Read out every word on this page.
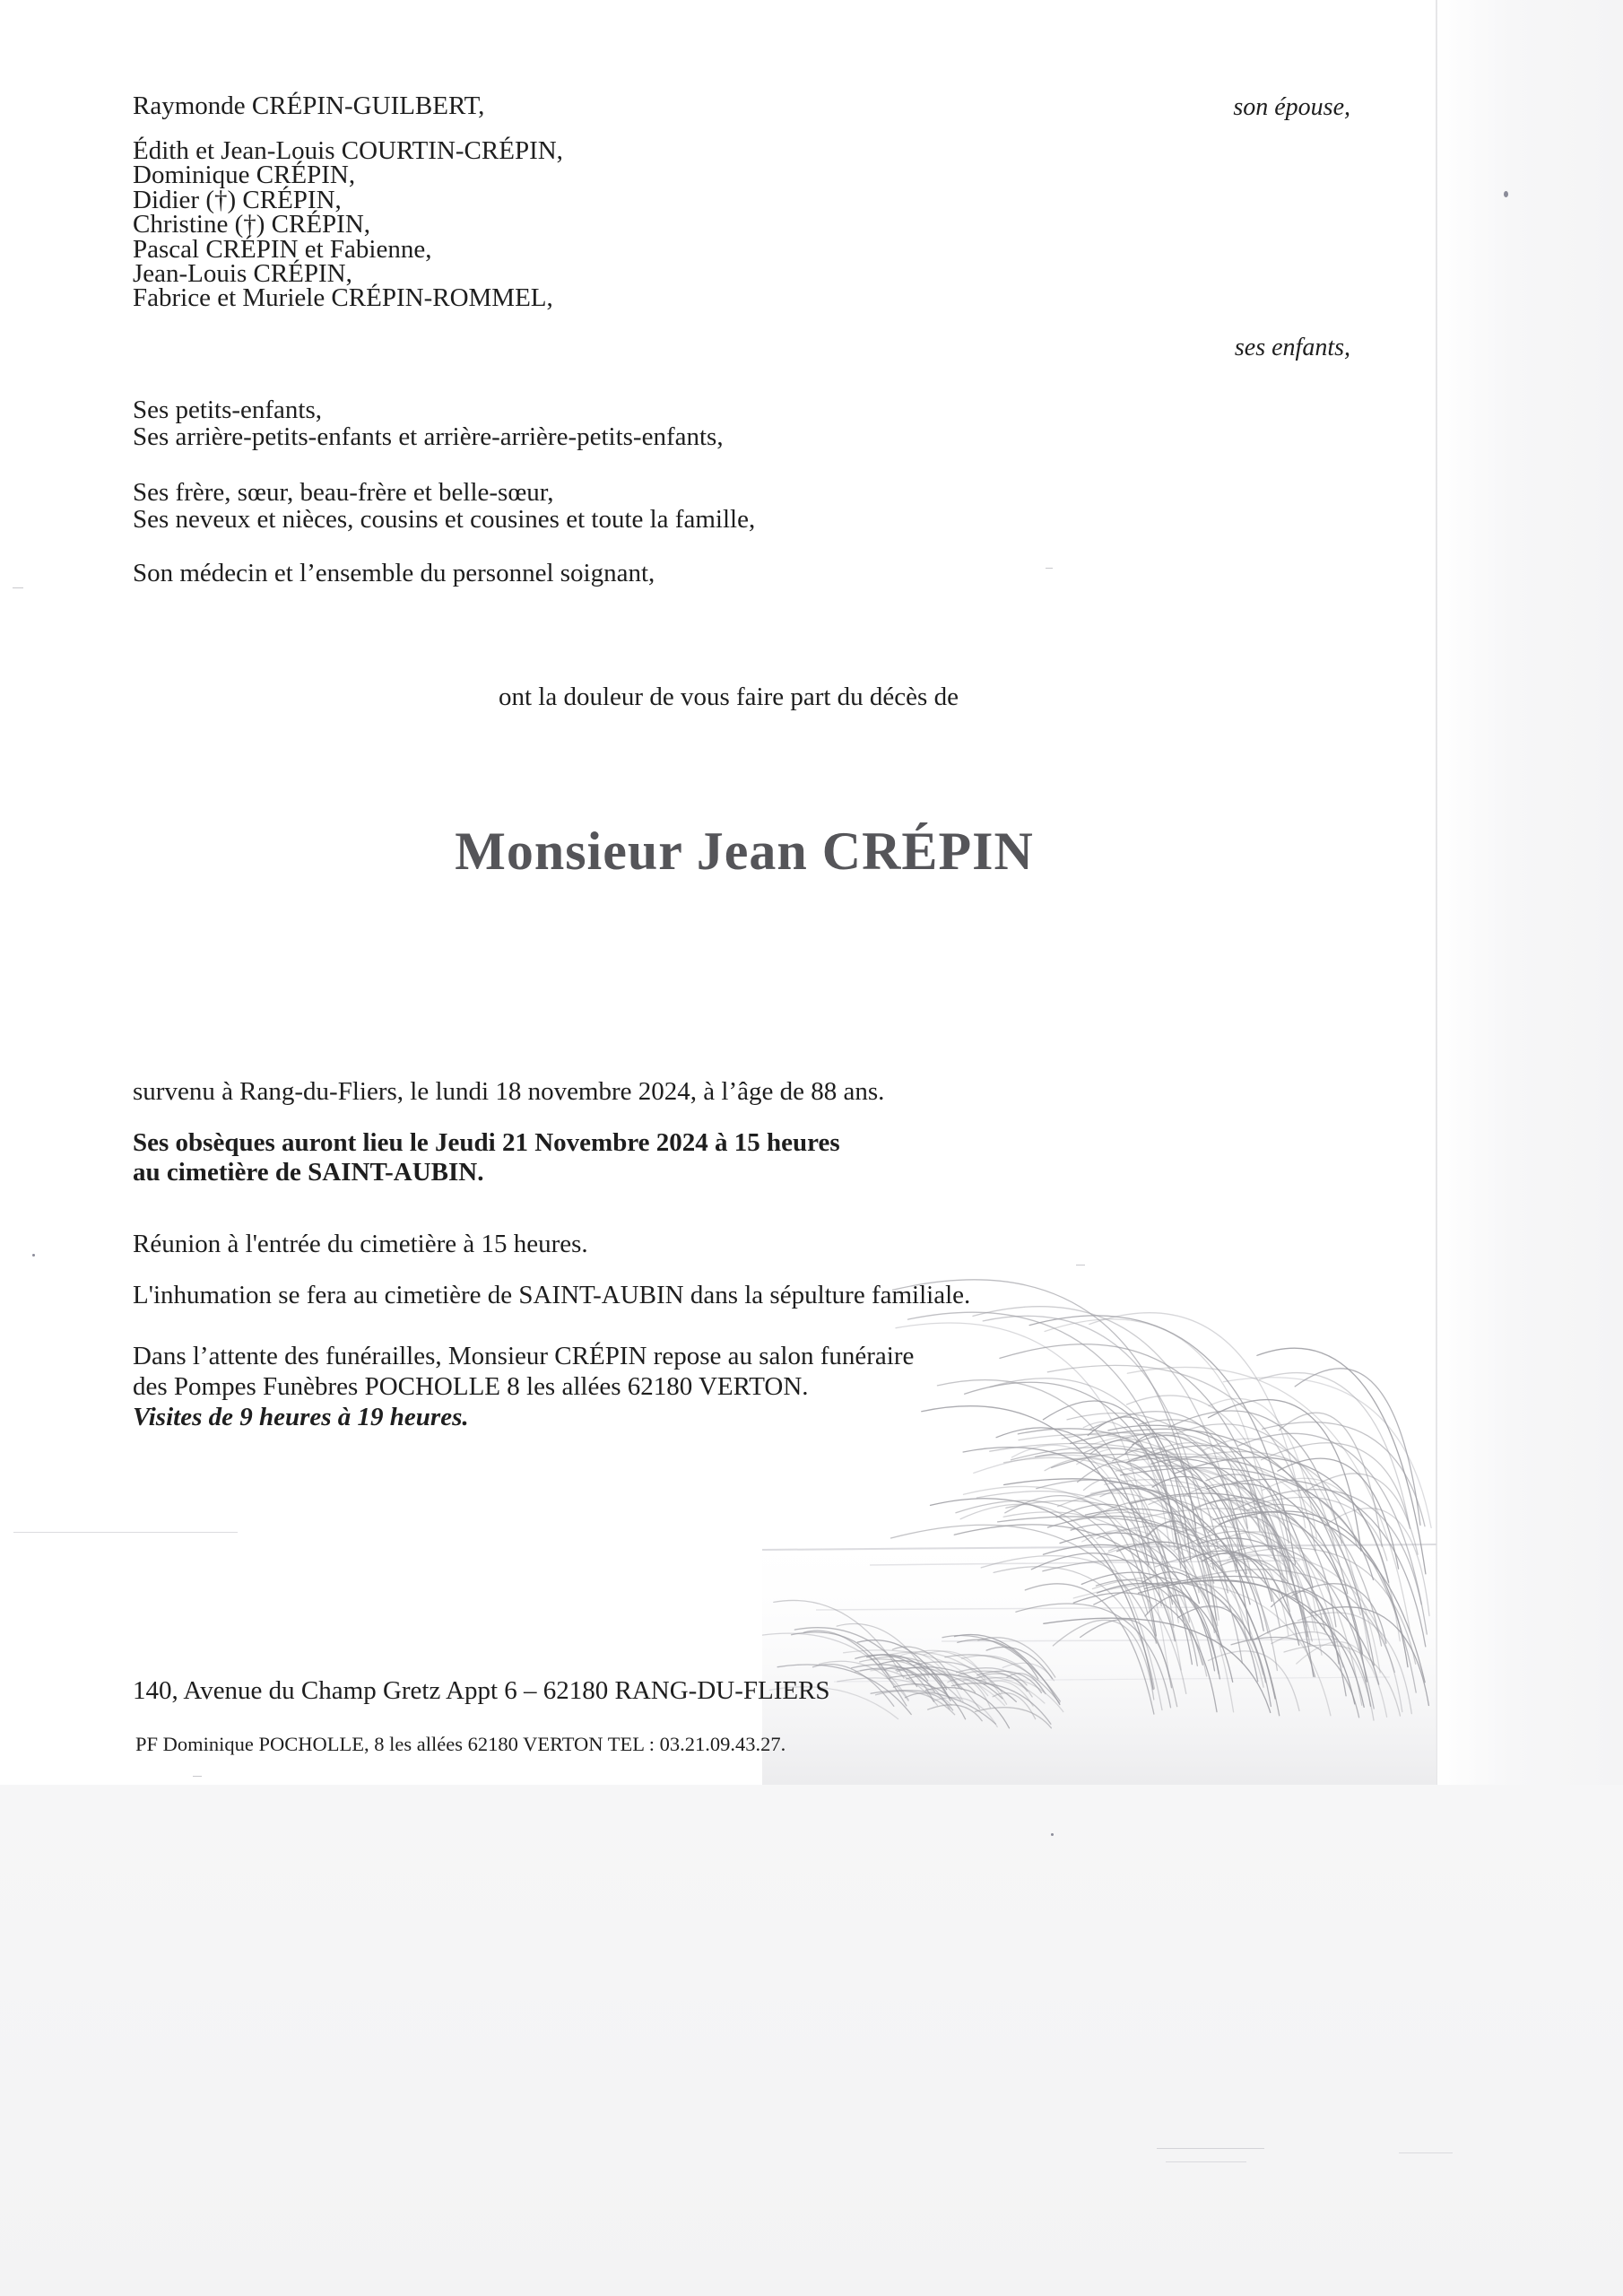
Raymonde CRÉPIN-GUILBERT,	son épouse,
Édith et Jean-Louis COURTIN-CRÉPIN,
Dominique CRÉPIN,
Didier (†) CRÉPIN,
Christine (†) CRÉPIN,
Pascal CRÉPIN et Fabienne,
Jean-Louis CRÉPIN,
Fabrice et Muriele CRÉPIN-ROMMEL,
ses enfants,
Ses petits-enfants,
Ses arrière-petits-enfants et arrière-arrière-petits-enfants,
Ses frère, sœur, beau-frère et belle-sœur,
Ses neveux et nièces, cousins et cousines et toute la famille,
Son médecin et l’ensemble du personnel soignant,
ont la douleur de vous faire part du décès de
Monsieur Jean CRÉPIN
survenu à Rang-du-Fliers, le lundi 18 novembre 2024, à l’âge de 88 ans.
Ses obsèques auront lieu le Jeudi 21 Novembre 2024 à 15 heures
au cimetière de SAINT-AUBIN.
Réunion à l'entrée du cimetière à 15 heures.
L'inhumation se fera au cimetière de SAINT-AUBIN dans la sépulture familiale.
Dans l’attente des funérailles, Monsieur CRÉPIN repose au salon funéraire
des Pompes Funèbres POCHOLLE 8 les allées 62180 VERTON.
Visites de 9 heures à 19 heures.
140, Avenue du Champ Gretz Appt 6 – 62180 RANG-DU-FLIERS
PF Dominique POCHOLLE, 8 les allées 62180 VERTON TEL : 03.21.09.43.27.
